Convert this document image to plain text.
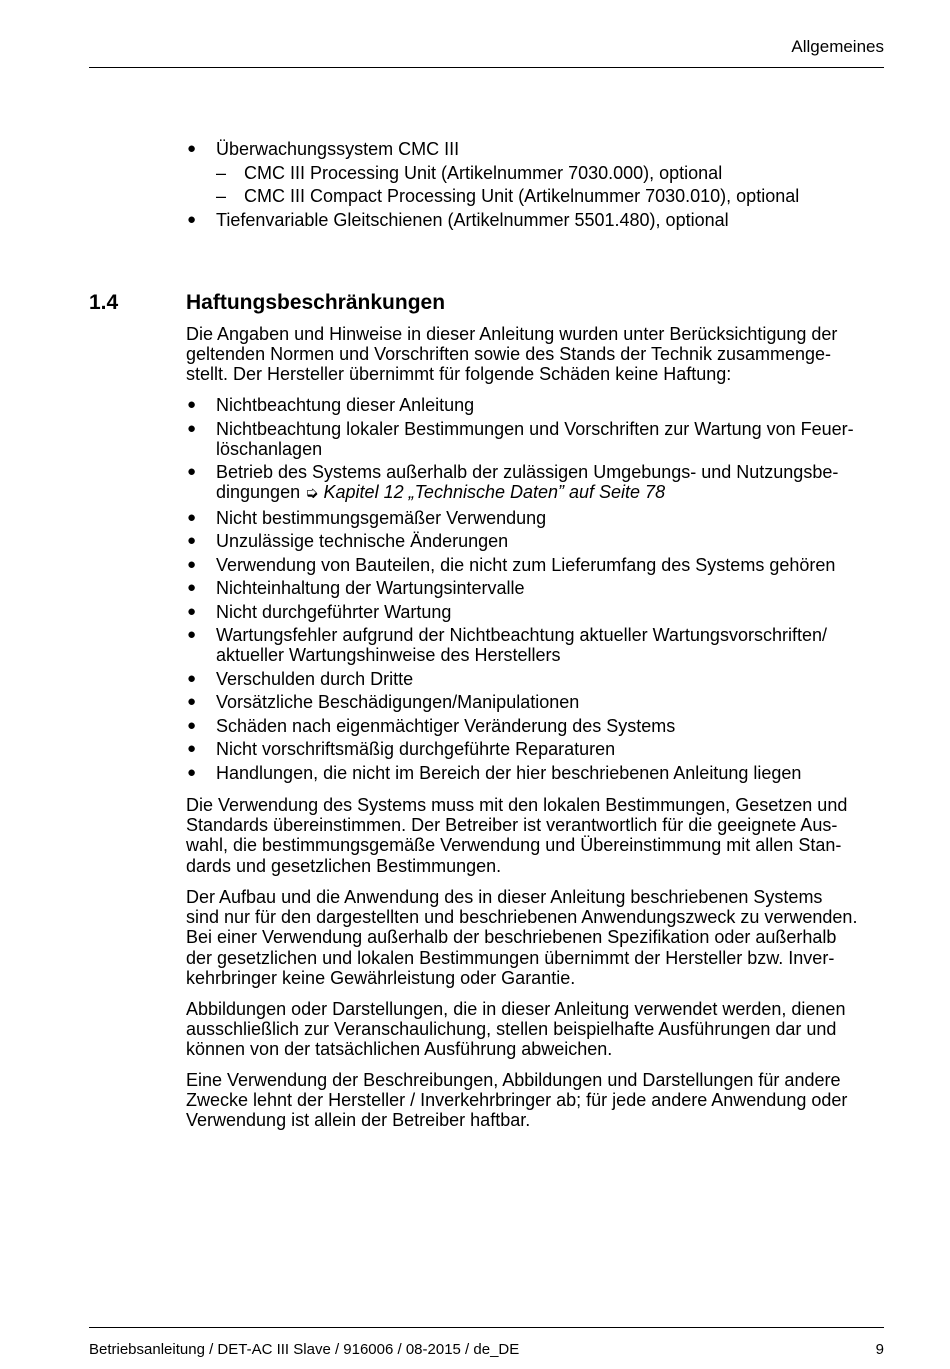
Allgemeines
● Überwachungssystem CMC III
– CMC III Processing Unit (Artikelnummer 7030.000), optional
– CMC III Compact Processing Unit (Artikelnummer 7030.010), optional
● Tiefenvariable Gleitschienen (Artikelnummer 5501.480), optional
1.4	Haftungsbeschränkungen

Die Angaben und Hinweise in dieser Anleitung wurden unter Berücksichtigung der
geltenden Normen und Vorschriften sowie des Stands der Technik zusammenge-
stellt. Der Hersteller übernimmt für folgende Schäden keine Haftung:

● Nichtbeachtung dieser Anleitung
● Nichtbeachtung lokaler Bestimmungen und Vorschriften zur Wartung von Feuer-
löschanlagen
● Betrieb des Systems außerhalb der zulässigen Umgebungs- und Nutzungsbe-
dingungen ➭ Kapitel 12 „Technische Daten” auf Seite 78
● Nicht bestimmungsgemäßer Verwendung
● Unzulässige technische Änderungen
● Verwendung von Bauteilen, die nicht zum Lieferumfang des Systems gehören
● Nichteinhaltung der Wartungsintervalle
● Nicht durchgeführter Wartung
● Wartungsfehler aufgrund der Nichtbeachtung aktueller Wartungsvorschriften/
aktueller Wartungshinweise des Herstellers
● Verschulden durch Dritte
● Vorsätzliche Beschädigungen/Manipulationen
● Schäden nach eigenmächtiger Veränderung des Systems
● Nicht vorschriftsmäßig durchgeführte Reparaturen
● Handlungen, die nicht im Bereich der hier beschriebenen Anleitung liegen

Die Verwendung des Systems muss mit den lokalen Bestimmungen, Gesetzen und
Standards übereinstimmen. Der Betreiber ist verantwortlich für die geeignete Aus-
wahl, die bestimmungsgemäße Verwendung und Übereinstimmung mit allen Stan-
dards und gesetzlichen Bestimmungen.

Der Aufbau und die Anwendung des in dieser Anleitung beschriebenen Systems
sind nur für den dargestellten und beschriebenen Anwendungszweck zu verwenden.
Bei einer Verwendung außerhalb der beschriebenen Spezifikation oder außerhalb
der gesetzlichen und lokalen Bestimmungen übernimmt der Hersteller bzw. Inver-
kehrbringer keine Gewährleistung oder Garantie.

Abbildungen oder Darstellungen, die in dieser Anleitung verwendet werden, dienen
ausschließlich zur Veranschaulichung, stellen beispielhafte Ausführungen dar und
können von der tatsächlichen Ausführung abweichen.

Eine Verwendung der Beschreibungen, Abbildungen und Darstellungen für andere
Zwecke lehnt der Hersteller / Inverkehrbringer ab; für jede andere Anwendung oder
Verwendung ist allein der Betreiber haftbar.

Betriebsanleitung / DET-AC III Slave / 916006 / 08-2015 / de_DE	9
